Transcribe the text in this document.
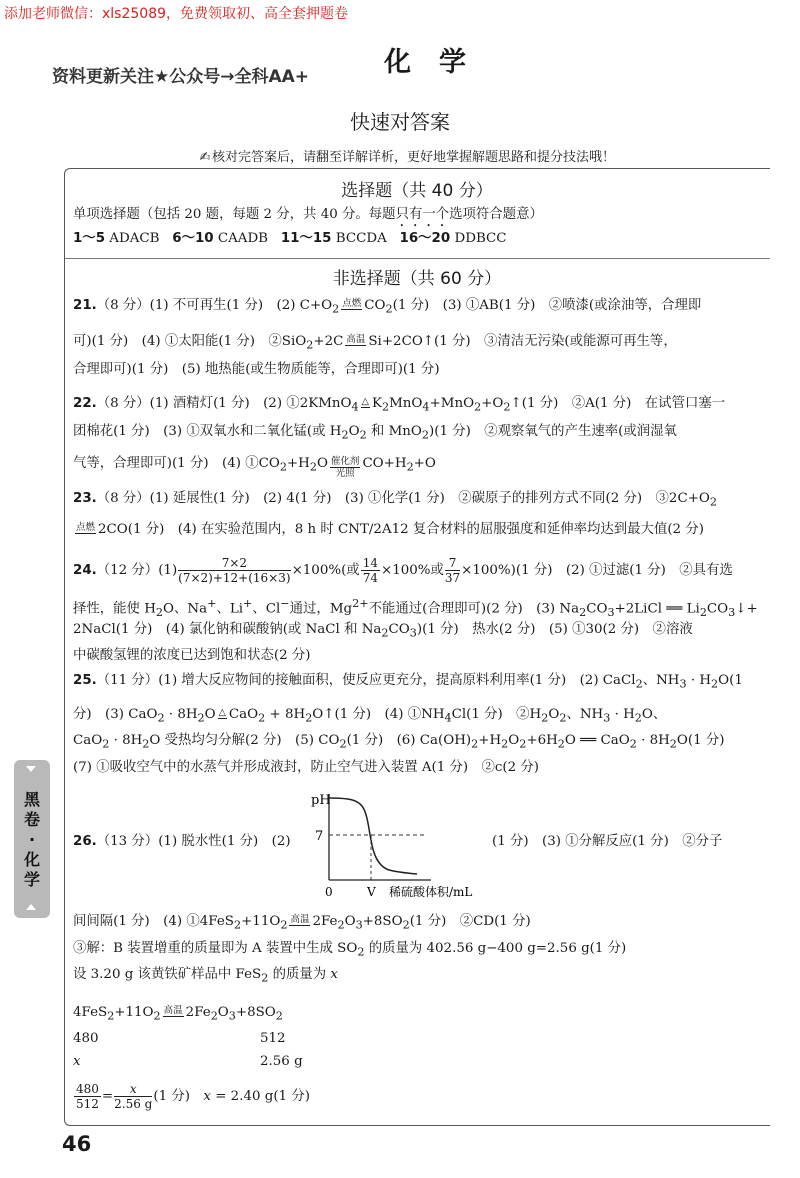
添加老师微信：xls25089，免费领取初、高全套押题卷
资料更新关注★公众号→全科AA+	化学
快速对答案
✍ 核对完答案后，请翻至详解详析，更好地掌握解题思路和提分技法哦！
选择题（共 40 分）
单项选择题（包括 20 题，每题 2 分，共 40 分。每题只有一个选项符合题意）
1～5 ADACB 6～10 CAADB 11～15 BCCDA 16～20 DDBCC
非选择题（共 60 分）
21.（8 分）(1) 不可再生(1 分)　(2) $C+O_2$ 点燃 $CO_2(1$ 分)　(3) ①AB(1 分)　②喷漆(或涂油等，合理即
可)(1 分)　(4) ①太阳能(1 分)　②SiO$_2$+2C 高温 Si+2CO↑(1 分)　③清洁无污染(或能源可再生等，
合理即可)(1 分)　(5) 地热能(或生物质能等，合理即可)(1 分)
22.（8 分）(1) 酒精灯(1 分)　(2) ①2KMnO$_4$ △ $K_2MnO_4+MnO_2+O_2↑(1$ 分)　②A(1 分)　在试管口塞一
团棉花(1 分)　(3) ①双氧水和二氧化锰(或 $H_2O_2$ 和 MnO$_2$)(1 分)　②观察氧气的产生速率(或润湿氧
气等，合理即可)(1 分)　(4) $①CO_2+H_2O$ 催化剂
光照
$CO+H_2+O$
23.（8 分）(1) 延展性(1 分)　(2) 4(1 分)　(3) ①化学(1 分)　②碳原子的排列方式不同(2 分)　$③2C+O_2$
点燃 2CO(1 分)　(4) 在实验范围内，8 h 时 CNT/2A12 复合材料的屈服强度和延伸率均达到最大值(2 分)
24.（12 分）$(1) \frac{7\times 2}{(7\times 2)+12+(16\times 3)} \times 100\%$(或 $\frac{14}{74} \times 100\%$或 $\frac{7}{37} \times 100\%)(1$ 分)　(2) ①过滤(1 分)　②具有选
择性，能使 $H_2O$、Na+、Li+、Cl−通过，$Mg^{2+}$不能通过(合理即可)(2 分)　(3) $Na_2CO_3+2LiCl$ ══ $Li_2CO_3↓+$
2NaCl(1 分)　(4) 氯化钠和碳酸钠(或 NaCl 和 $Na_2CO_3)(1$ 分)　热水(2 分)　(5) ①30(2 分)　②溶液
中碳酸氢锂的浓度已达到饱和状态(2 分)
25.（11 分）(1) 增大反应物间的接触面积，使反应更充分，提高原料利用率(1 分)　(2) CaCl$_2$、$NH_3 \cdot H_2O(1$
分)　(3) $CaO_2 \cdot 8H_2O$ △ $CaO_2 + 8H_2O↑(1$ 分)　(4) $①NH_4Cl(1$ 分)　$②H_2O_2$、$NH_3 \cdot H_2O$、
$CaO_2 \cdot 8H_2O$ 受热均匀分解(2 分)　(5) $CO_2(1$ 分)　(6) $Ca(OH)_2+H_2O_2+6H_2O$ ══ $CaO_2 \cdot 8H_2O(1$ 分)
(7) ①吸收空气中的水蒸气并形成液封，防止空气进入装置 A(1 分)　②c(2 分)
26.（13 分）(1) 脱水性(1 分)　(2)	(1 分)　(3) ①分解反应(1 分)　②分子
pH
7
0	V 稀硫酸体积/mL
间间隔(1 分)　(4) $①4FeS_2+11O_2$ 高温 $2Fe_2O_3+8SO_2(1$ 分)　②CD(1 分)
③解：B 装置增重的质量即为 A 装置中生成 $SO_2$ 的质量为 402.56 g−400 g=2.56 g(1 分)
设 3.20 g 该黄铁矿样品中 FeS$_2$ 的质量为 x
$4FeS_2+11O_2$ 高温 $2Fe_2O_3+8SO_2$
480	512
x	2.56 g
$\frac{480}{512} = \frac{x}{2.56 g} (1$ 分)　x = 2.40 g(1 分)
黑
卷
·
化
学
46
